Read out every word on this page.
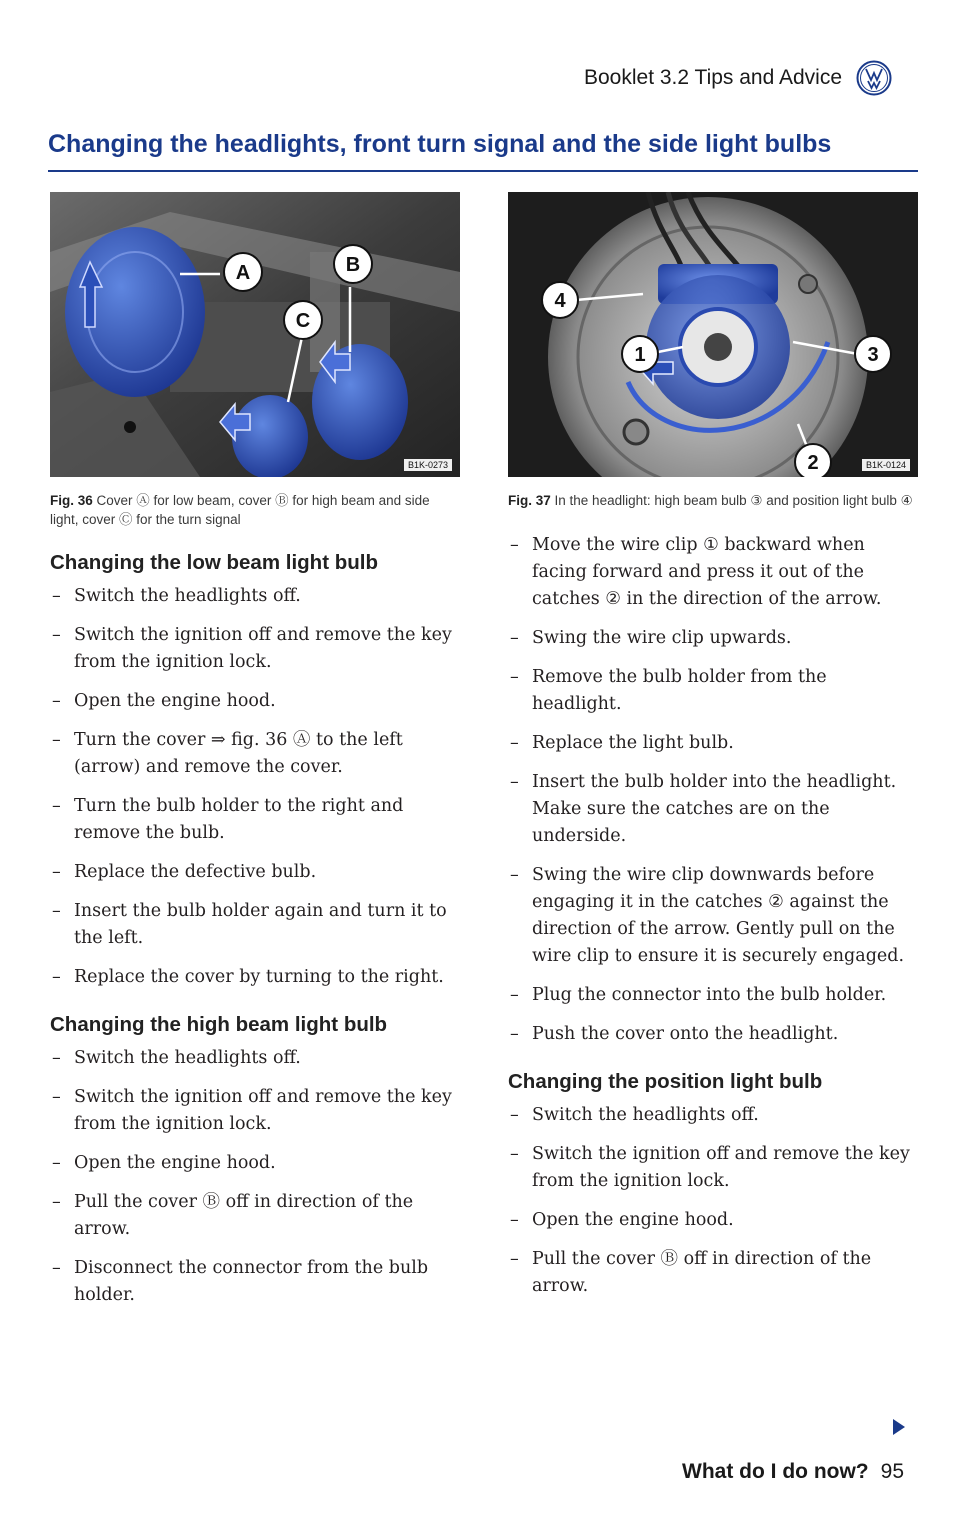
Booklet 3.2 Tips and Advice
Changing the headlights, front turn signal and the side light bulbs
A	B
C
B1K-0273

Fig. 36 Cover Ⓐ for low beam, cover Ⓑ for high beam and side light, cover Ⓒ for the turn signal

Changing the low beam light bulb
– Switch the headlights off.
– Switch the ignition off and remove the key from the ignition lock.
– Open the engine hood.
– Turn the cover ⇒ fig. 36 Ⓐ to the left (arrow) and remove the cover.
– Turn the bulb holder to the right and remove the bulb.
– Replace the defective bulb.
– Insert the bulb holder again and turn it to the left.
– Replace the cover by turning to the right.
Changing the high beam light bulb
– Switch the headlights off.
– Switch the ignition off and remove the key from the ignition lock.
– Open the engine hood.
– Pull the cover Ⓑ off in direction of the arrow.
– Disconnect the connector from the bulb holder.
4
1	3
2	B1K-0124

Fig. 37 In the headlight: high beam bulb ③ and position light bulb ④

– Move the wire clip ① backward when facing forward and press it out of the catches ② in the direction of the arrow.
– Swing the wire clip upwards.
– Remove the bulb holder from the headlight.
– Replace the light bulb.
– Insert the bulb holder into the headlight. Make sure the catches are on the underside.
– Swing the wire clip downwards before engaging it in the catches ② against the direction of the arrow. Gently pull on the wire clip to ensure it is securely engaged.
– Plug the connector into the bulb holder.
– Push the cover onto the headlight.
Changing the position light bulb
– Switch the headlights off.
– Switch the ignition off and remove the key from the ignition lock.
– Open the engine hood.
– Pull the cover Ⓑ off in direction of the arrow.
What do I do now? 95
